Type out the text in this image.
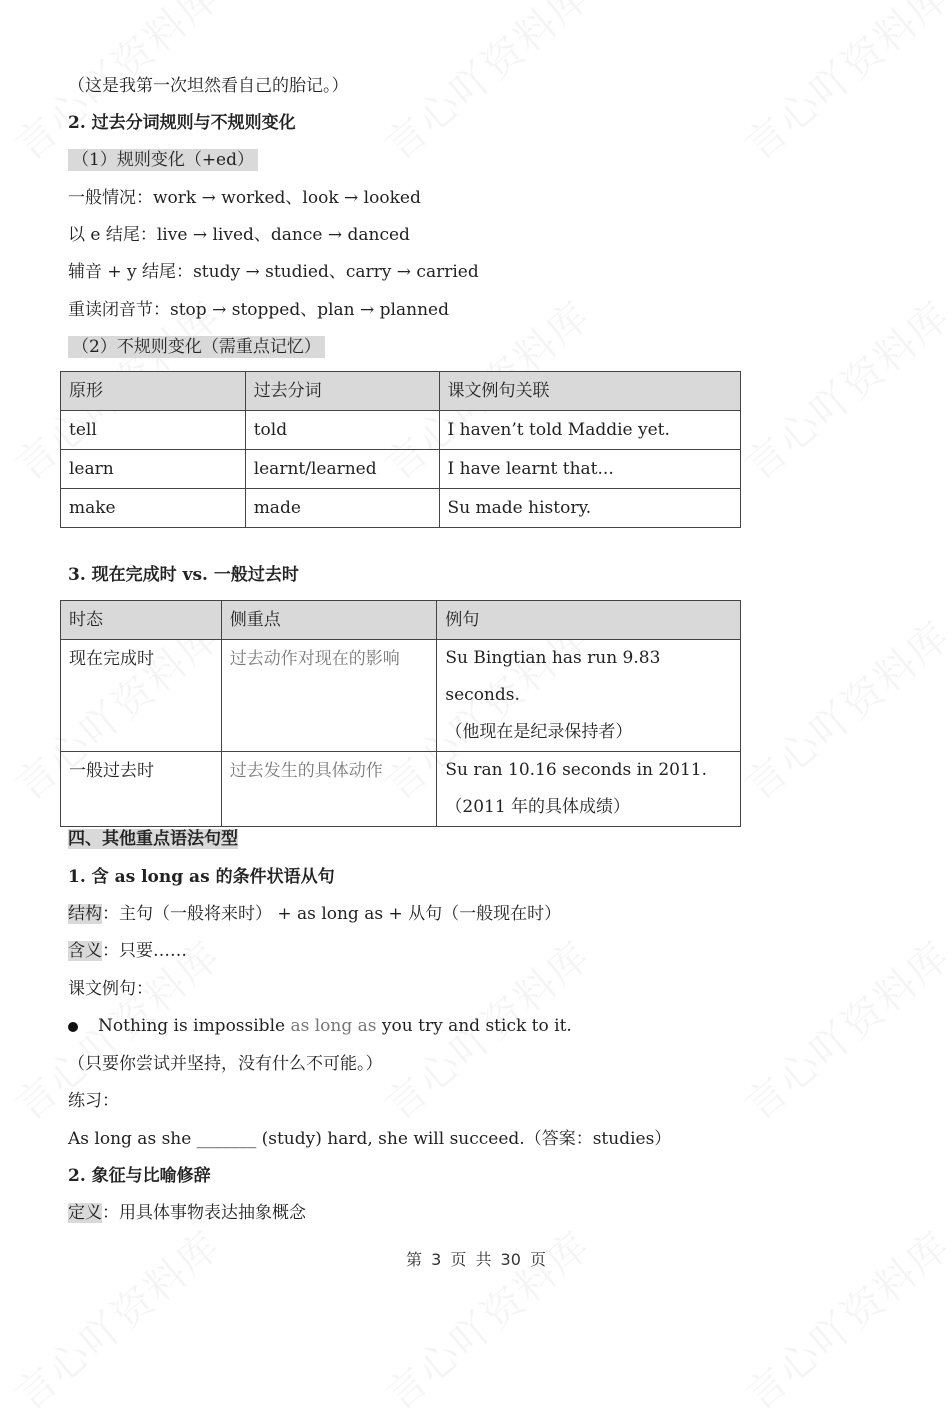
（这是我第一次坦然看自己的胎记。）
2. 过去分词规则与不规则变化
（1）规则变化（+ed）
一般情况：work → worked、look → looked
以 e 结尾：live → lived、dance → danced
辅音 + y 结尾：study → studied、carry → carried
重读闭音节：stop → stopped、plan → planned
（2）不规则变化（需重点记忆）
原形	过去分词	课文例句关联
tell	told	I haven’t told Maddie yet.
learn	learnt/learned	I have learnt that...
make	made	Su made history.
3. 现在完成时 vs. 一般过去时
时态	侧重点	例句
现在完成时	过去动作对现在的影响	Su Bingtian has run 9.83 seconds.
（他现在是纪录保持者）

一般过去时	过去发生的具体动作	Su ran 10.16 seconds in 2011.
（2011 年的具体成绩）
四、其他重点语法句型
1. 含 as long as 的条件状语从句
结构：主句（一般将来时） + as long as + 从句（一般现在时）
含义：只要……
课文例句：
Nothing is impossible as long as you try and stick to it.
（只要你尝试并坚持，没有什么不可能。）
练习：
As long as she _______ (study) hard, she will succeed.（答案：studies）
2. 象征与比喻修辞
定义：用具体事物表达抽象概念
第 3 页 共 30 页
